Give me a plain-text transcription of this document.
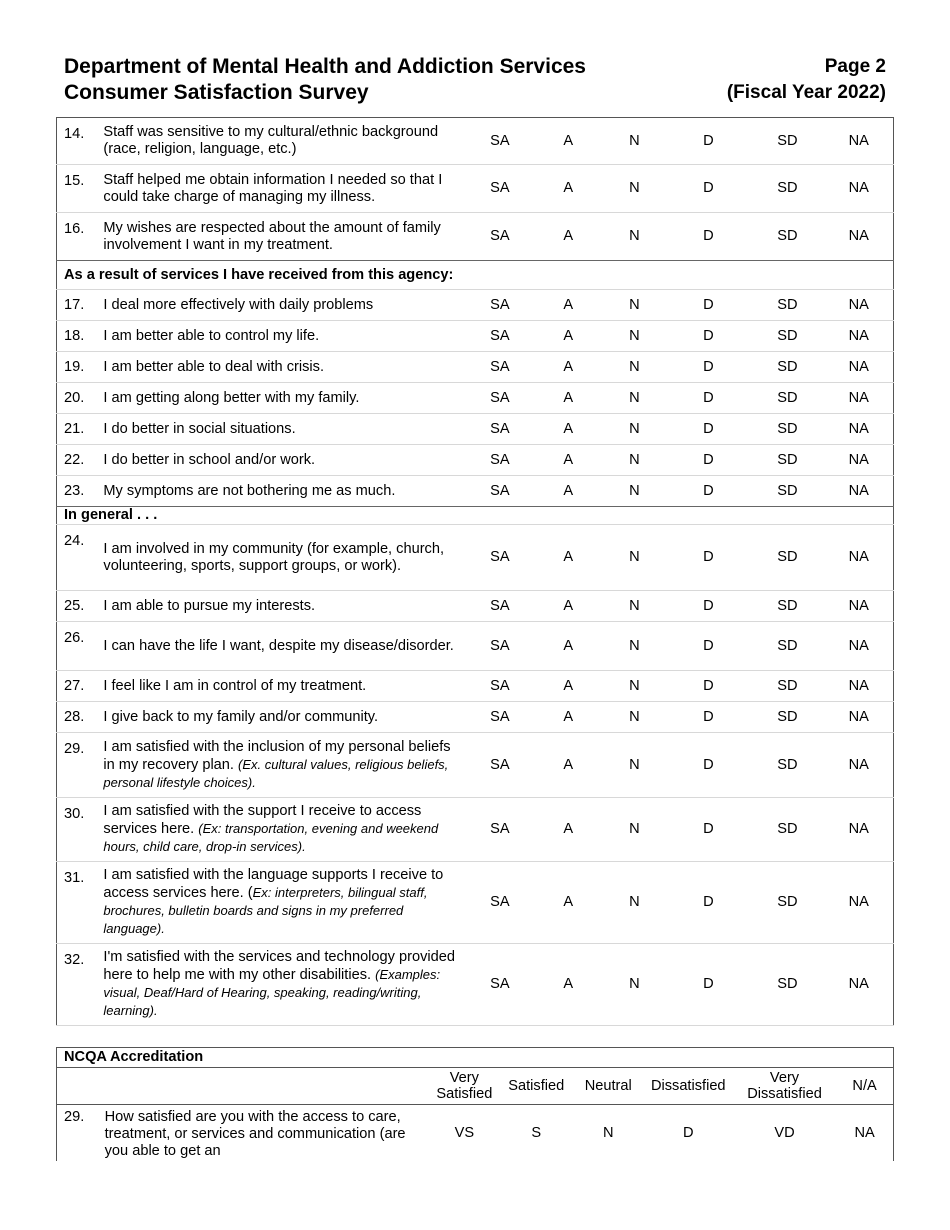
Department of Mental Health and Addiction Services
Consumer Satisfaction Survey
Page 2
(Fiscal Year 2022)
14.	Staff was sensitive to my cultural/ethnic background (race, religion, language, etc.)	SA	A	N	D	SD	NA
15.	Staff helped me obtain information I needed so that I could take charge of managing my illness.	SA	A	N	D	SD	NA
16.	My wishes are respected about the amount of family involvement I want in my treatment.	SA	A	N	D	SD	NA
As a result of services I have received from this agency:							
17.	I deal more effectively with daily problems	SA	A	N	D	SD	NA
18.	I am better able to control my life.	SA	A	N	D	SD	NA
19.	I am better able to deal with crisis.	SA	A	N	D	SD	NA
20.	I am getting along better with my family.	SA	A	N	D	SD	NA
21.	I do better in social situations.	SA	A	N	D	SD	NA
22.	I do better in school and/or work.	SA	A	N	D	SD	NA
23.	My symptoms are not bothering me as much.	SA	A	N	D	SD	NA
In general . . .							
24.	I am involved in my community (for example, church, volunteering, sports, support groups, or work).	SA	A	N	D	SD	NA
25.	I am able to pursue my interests.	SA	A	N	D	SD	NA
26.	I can have the life I want, despite my disease/disorder.	SA	A	N	D	SD	NA
27.	I feel like I am in control of my treatment.	SA	A	N	D	SD	NA
28.	I give back to my family and/or community.	SA	A	N	D	SD	NA
29.	I am satisfied with the inclusion of my personal beliefs in my recovery plan. (Ex. cultural values, religious beliefs, personal lifestyle choices).	SA	A	N	D	SD	NA
30.	I am satisfied with the support I receive to access services here. (Ex: transportation, evening and weekend hours, child care, drop-in services).	SA	A	N	D	SD	NA
31.	I am satisfied with the language supports I receive to access services here. (Ex: interpreters, bilingual staff, brochures, bulletin boards and signs in my preferred language).	SA	A	N	D	SD	NA
32.	I'm satisfied with the services and technology provided here to help me with my other disabilities. (Examples: visual, Deaf/Hard of Hearing, speaking, reading/writing, learning).	SA	A	N	D	SD	NA
NCQA Accreditation							
		Very Satisfied	Satisfied	Neutral	Dissatisfied	Very Dissatisfied	N/A
29.	How satisfied are you with the access to care, treatment, or services and communication (are you able to get an	VS	S	N	D	VD	NA
